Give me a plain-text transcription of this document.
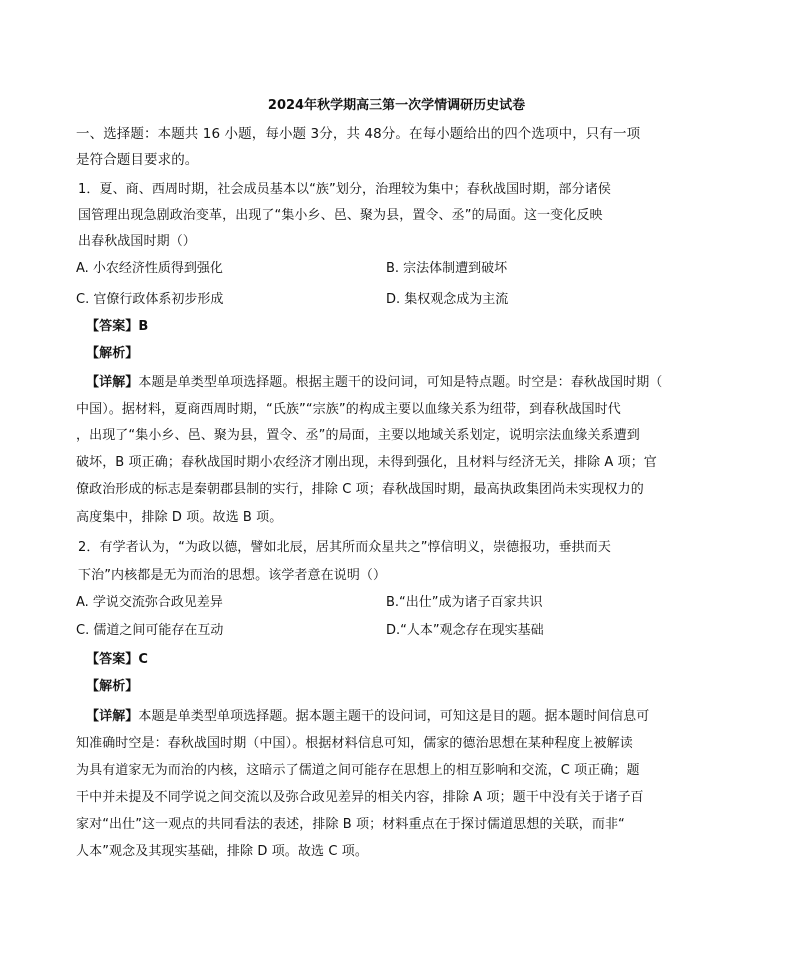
2024年秋学期高三第一次学情调研历史试卷
一、选择题：本题共 16 小题，每小题 3分，共 48分。在每小题给出的四个选项中，只有一项
是符合题目要求的。
1．夏、商、西周时期，社会成员基本以“族”划分，治理较为集中；春秋战国时期，部分诸侯
国管理出现急剧政治变革，出现了“集小乡、邑、聚为县，置令、丞”的局面。这一变化反映
出春秋战国时期（）
A. 小农经济性质得到强化	B. 宗法体制遭到破坏
C. 官僚行政体系初步形成	D. 集权观念成为主流
【答案】B
【解析】
【详解】本题是单类型单项选择题。根据主题干的设问词，可知是特点题。时空是：春秋战国时期（
中国）。据材料，夏商西周时期，“氏族”“宗族”的构成主要以血缘关系为纽带，到春秋战国时代
，出现了“集小乡、邑、聚为县，置令、丞”的局面，主要以地域关系划定，说明宗法血缘关系遭到
破坏，B 项正确；春秋战国时期小农经济才刚出现，未得到强化，且材料与经济无关，排除 A 项；官
僚政治形成的标志是秦朝郡县制的实行，排除 C 项；春秋战国时期，最高执政集团尚未实现权力的
高度集中，排除 D 项。故选 B 项。
2．有学者认为，“为政以德，譬如北辰，居其所而众星共之”惇信明义，崇德报功，垂拱而天
下治”内核都是无为而治的思想。该学者意在说明（）
A. 学说交流弥合政见差异	B.“出仕”成为诸子百家共识
C. 儒道之间可能存在互动	D.“人本”观念存在现实基础
【答案】C
【解析】
【详解】本题是单类型单项选择题。据本题主题干的设问词，可知这是目的题。据本题时间信息可
知准确时空是：春秋战国时期（中国）。根据材料信息可知，儒家的德治思想在某种程度上被解读
为具有道家无为而治的内核，这暗示了儒道之间可能存在思想上的相互影响和交流，C 项正确；题
干中并未提及不同学说之间交流以及弥合政见差异的相关内容，排除 A 项；题干中没有关于诸子百
家对“出仕”这一观点的共同看法的表述，排除 B 项；材料重点在于探讨儒道思想的关联，而非“
人本”观念及其现实基础，排除 D 项。故选 C 项。
